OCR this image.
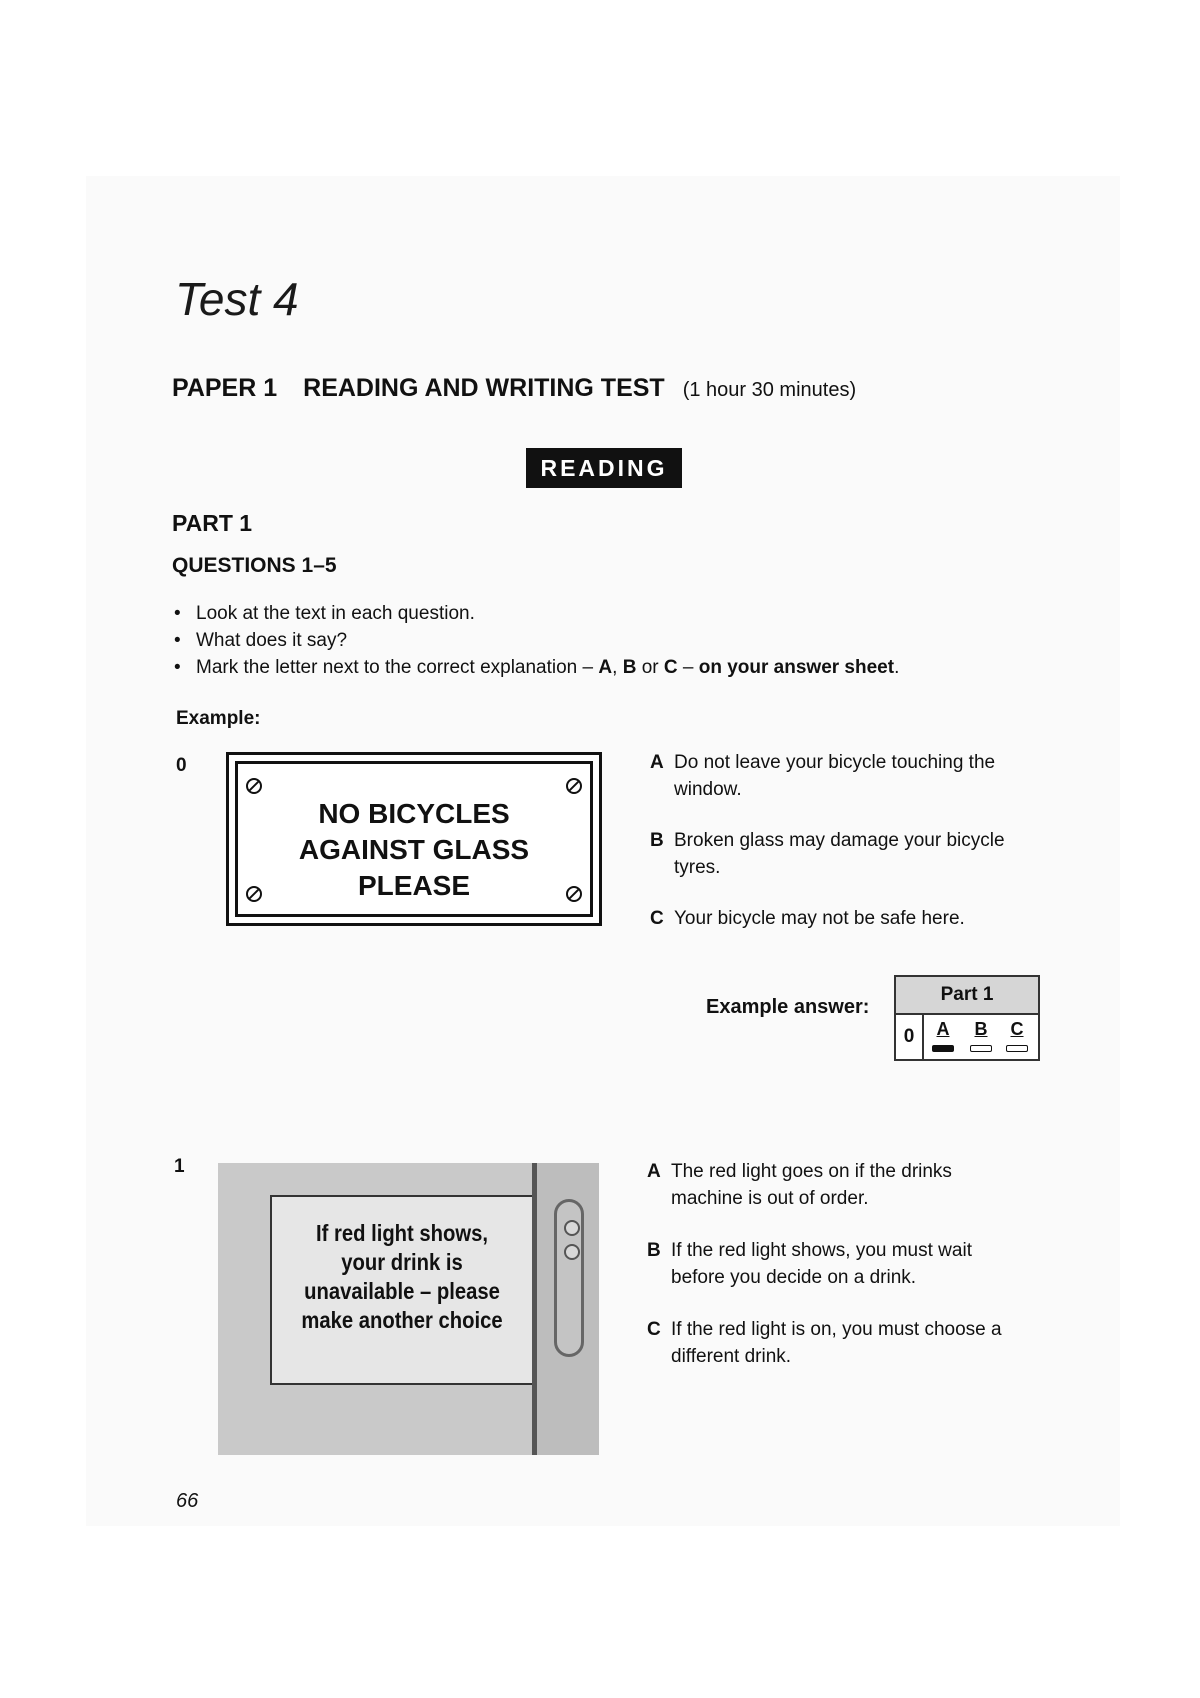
Test 4
PAPER 1 READING AND WRITING TEST (1 hour 30 minutes)
READING
PART 1
QUESTIONS 1–5
• Look at the text in each question.
• What does it say?
• Mark the letter next to the correct explanation – A, B or C – on your answer sheet.
Example:
0
NO BICYCLES
AGAINST GLASS
PLEASE
A Do not leave your bicycle touching the window.
B Broken glass may damage your bicycle tyres.
C Your bicycle may not be safe here.
Example answer:
Part 1
0	A	B	C
1
If red light shows, your drink is unavailable – please make another choice
A The red light goes on if the drinks machine is out of order.
B If the red light shows, you must wait before you decide on a drink.
C If the red light is on, you must choose a different drink.
66
